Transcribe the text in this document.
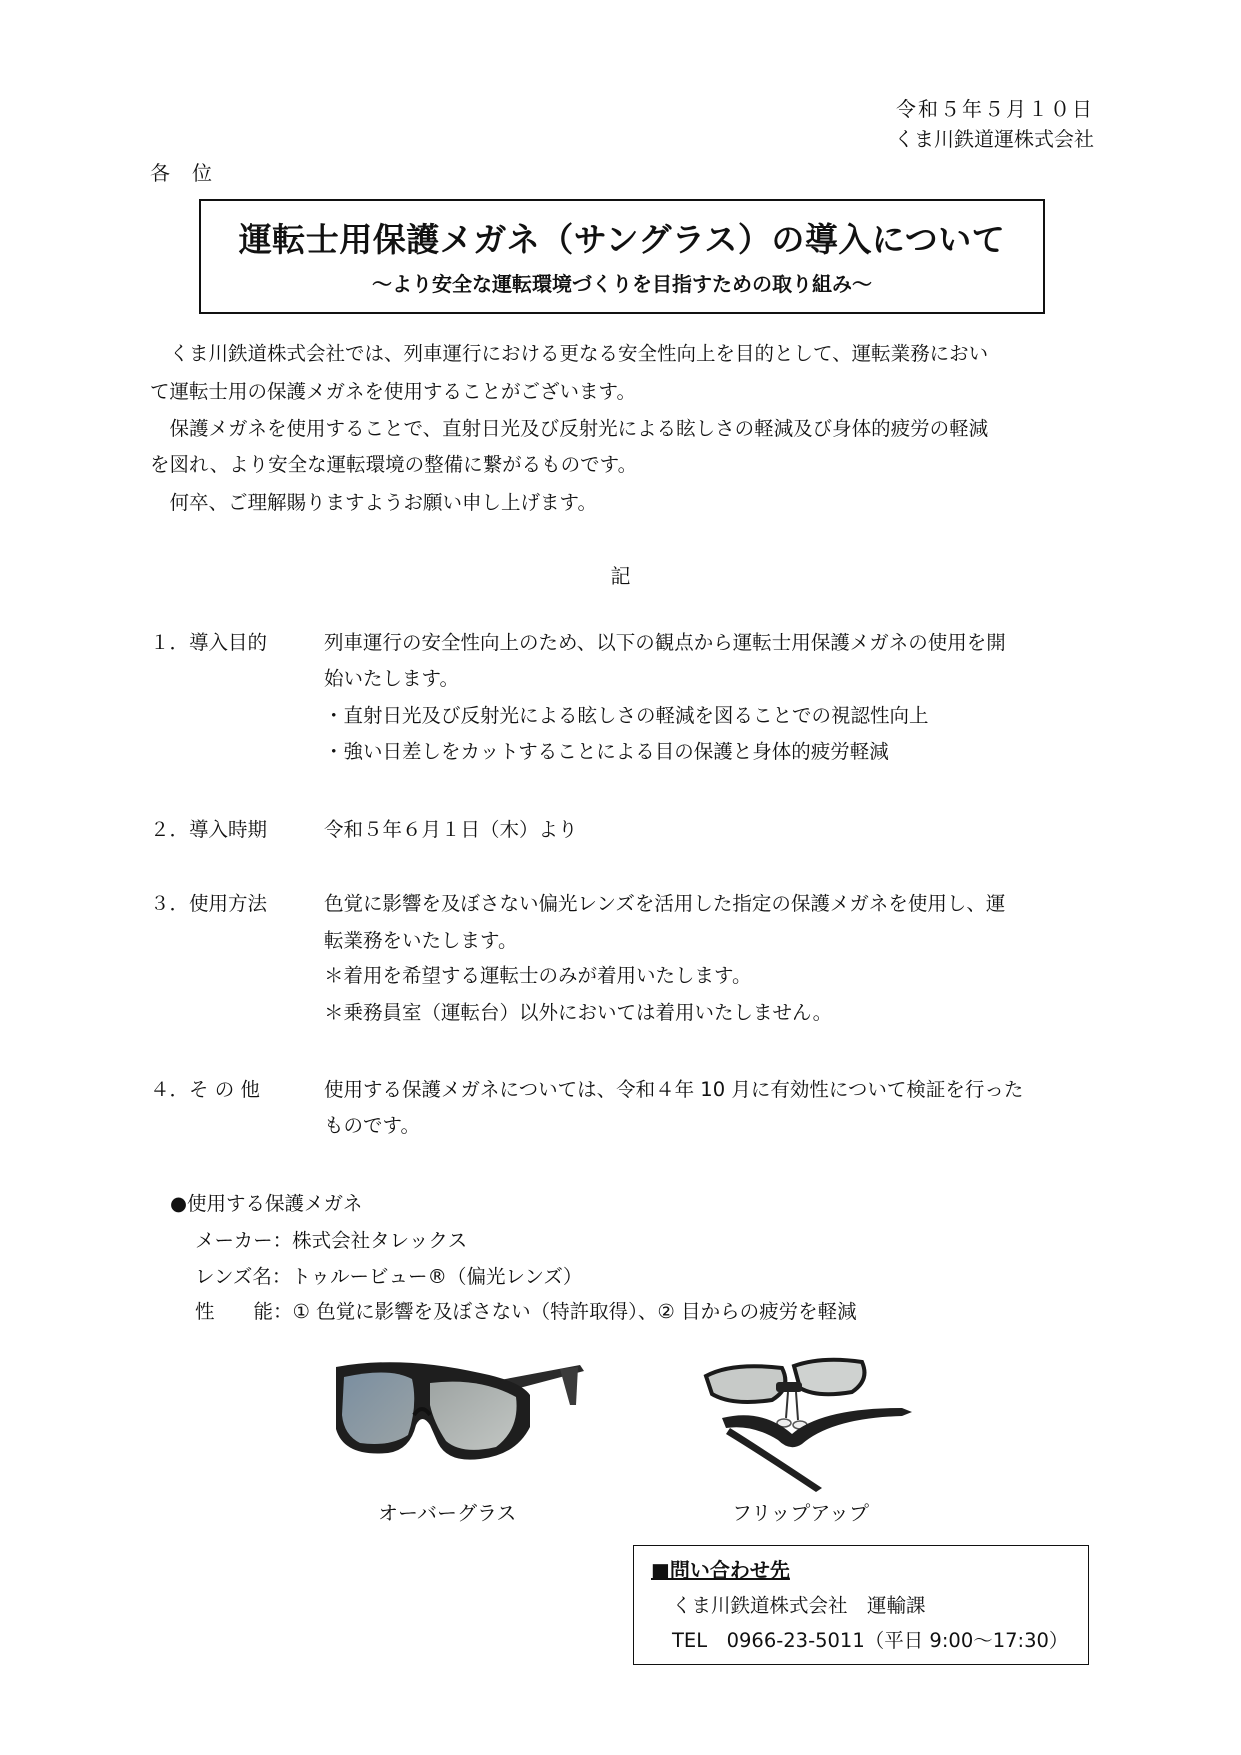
令和５年５月１０日
くま川鉄道運株式会社
各位
運転士用保護メガネ（サングラス）の導入について
～より安全な運転環境づくりを目指すための取り組み～
　くま川鉄道株式会社では、列車運行における更なる安全性向上を目的として、運転業務におい
て運転士用の保護メガネを使用することがございます。
　保護メガネを使用することで、直射日光及び反射光による眩しさの軽減及び身体的疲労の軽減
を図れ、より安全な運転環境の整備に繋がるものです。
　何卒、ご理解賜りますようお願い申し上げます。
記
１．導入目的	列車運行の安全性向上のため、以下の観点から運転士用保護メガネの使用を開
始いたします。
・直射日光及び反射光による眩しさの軽減を図ることでの視認性向上
・強い日差しをカットすることによる目の保護と身体的疲労軽減
２．導入時期	令和５年６月１日（木）より
３．使用方法	色覚に影響を及ぼさない偏光レンズを活用した指定の保護メガネを使用し、運
転業務をいたします。
＊着用を希望する運転士のみが着用いたします。
＊乗務員室（運転台）以外においては着用いたしません。
４．そ の 他	使用する保護メガネについては、令和４年 10 月に有効性について検証を行った
ものです。
●使用する保護メガネ
メーカー：株式会社タレックス
レンズ名：トゥルービュー®（偏光レンズ）
性　　能：① 色覚に影響を及ぼさない（特許取得）、② 目からの疲労を軽減
オーバーグラス	フリップアップ
■問い合わせ先
くま川鉄道株式会社　運輸課
TEL　0966-23-5011（平日 9:00～17:30）
